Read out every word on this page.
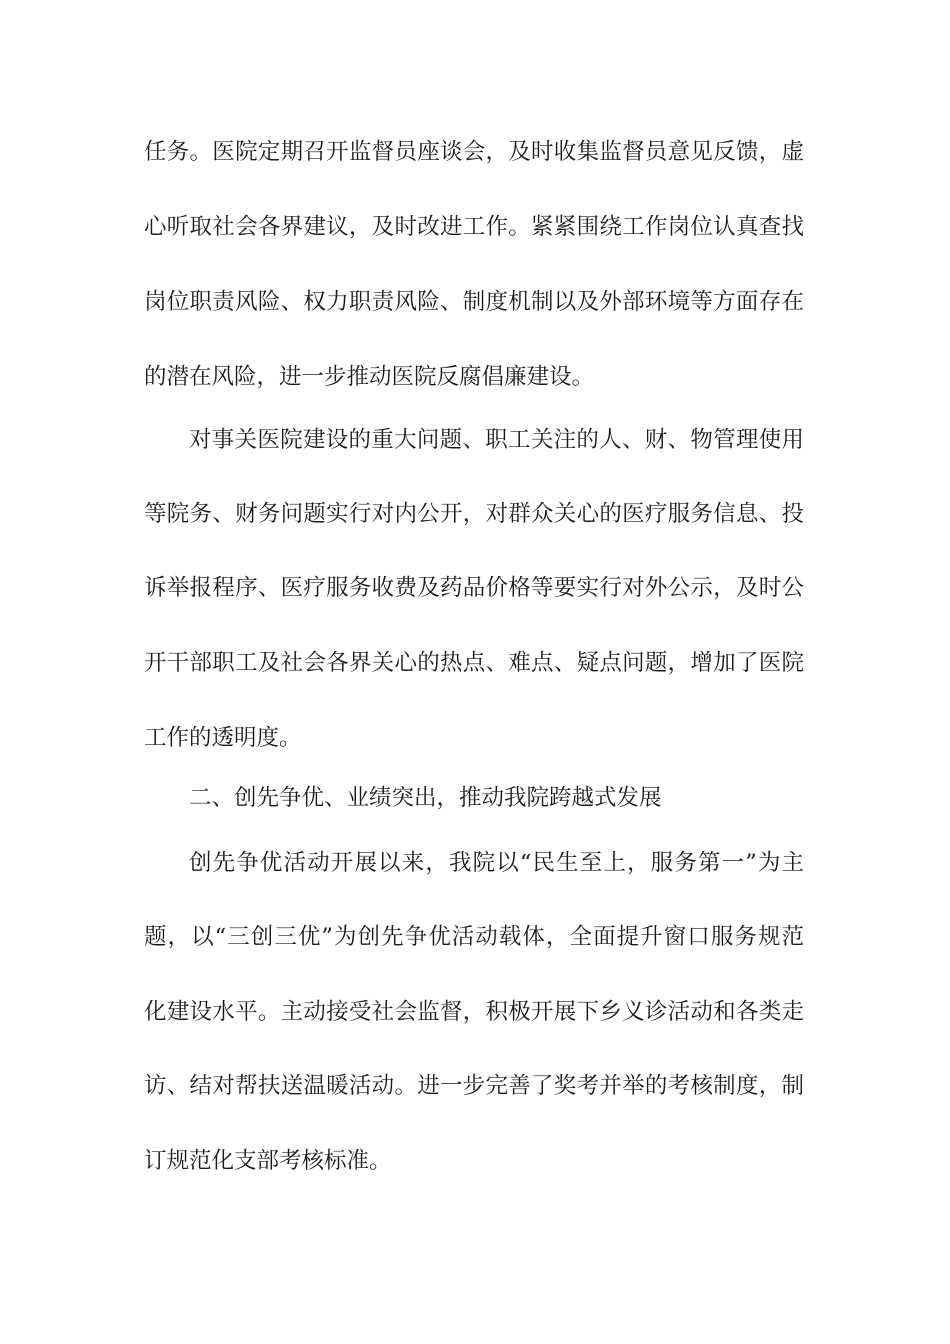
任务。医院定期召开监督员座谈会，及时收集监督员意见反馈，虚
心听取社会各界建议，及时改进工作。紧紧围绕工作岗位认真查找
岗位职责风险、权力职责风险、制度机制以及外部环境等方面存在
的潜在风险，进一步推动医院反腐倡廉建设。
对事关医院建设的重大问题、职工关注的人、财、物管理使用
等院务、财务问题实行对内公开，对群众关心的医疗服务信息、投
诉举报程序、医疗服务收费及药品价格等要实行对外公示，及时公
开干部职工及社会各界关心的热点、难点、疑点问题，增加了医院
工作的透明度。
二、创先争优、业绩突出，推动我院跨越式发展
创先争优活动开展以来，我院以“民生至上，服务第一”为主
题，以“三创三优”为创先争优活动载体，全面提升窗口服务规范
化建设水平。主动接受社会监督，积极开展下乡义诊活动和各类走
访、结对帮扶送温暖活动。进一步完善了奖考并举的考核制度，制
订规范化支部考核标准。
